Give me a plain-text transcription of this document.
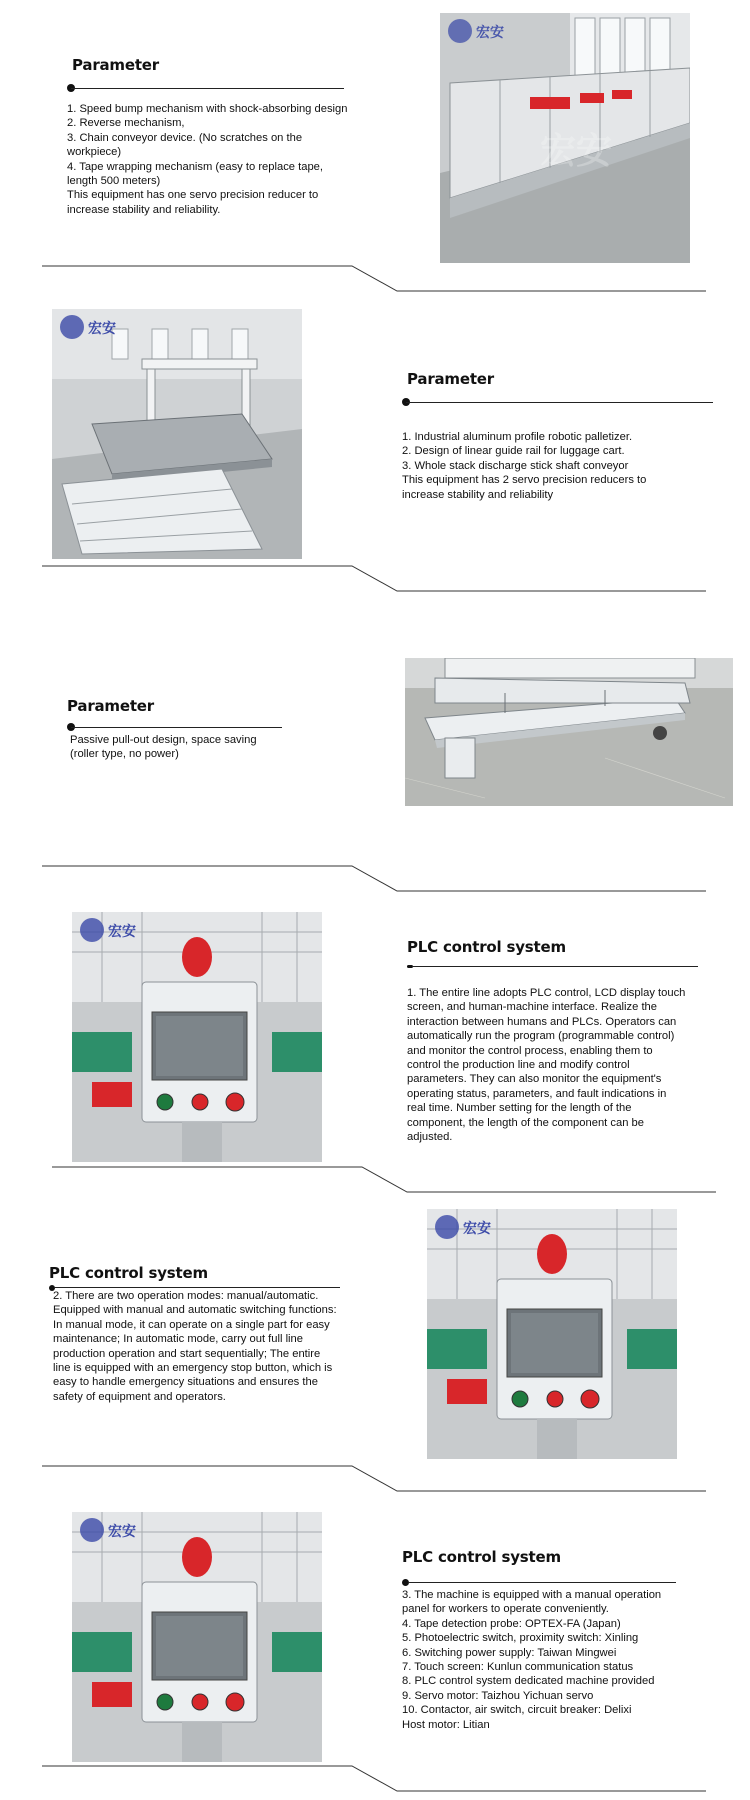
Parameter
1. Speed bump mechanism with shock-absorbing design
2. Reverse mechanism,
3. Chain conveyor device. (No scratches on the
workpiece)
4. Tape wrapping mechanism (easy to replace tape,
length 500 meters)
This equipment has one servo precision reducer to
increase stability and reliability.
宏安
宏安
宏安
Parameter
1. Industrial aluminum profile robotic palletizer.
2. Design of linear guide rail for luggage cart.
3. Whole stack discharge stick shaft conveyor
This equipment has 2 servo precision reducers to
increase stability and reliability
Parameter
Passive pull-out design, space saving
(roller type, no power)
宏安
PLC control system
1. The entire line adopts PLC control, LCD display touch
screen, and human-machine interface. Realize the
interaction between humans and PLCs. Operators can
automatically run the program (programmable control)
and monitor the control process, enabling them to
control the production line and modify control
parameters. They can also monitor the equipment's
operating status, parameters, and fault indications in
real time. Number setting for the length of the
component, the length of the component can be
adjusted.
PLC control system
2. There are two operation modes: manual/automatic.
Equipped with manual and automatic switching functions:
In manual mode, it can operate on a single part for easy
maintenance; In automatic mode, carry out full line
production operation and start sequentially; The entire
line is equipped with an emergency stop button, which is
easy to handle emergency situations and ensures the
safety of equipment and operators.
宏安
宏安
PLC control system
3. The machine is equipped with a manual operation
panel for workers to operate conveniently.
4. Tape detection probe: OPTEX-FA (Japan)
5. Photoelectric switch, proximity switch: Xinling
6. Switching power supply: Taiwan Mingwei
7. Touch screen: Kunlun communication status
8. PLC control system dedicated machine provided
9. Servo motor: Taizhou Yichuan servo
10. Contactor, air switch, circuit breaker: Delixi
Host motor: Litian
